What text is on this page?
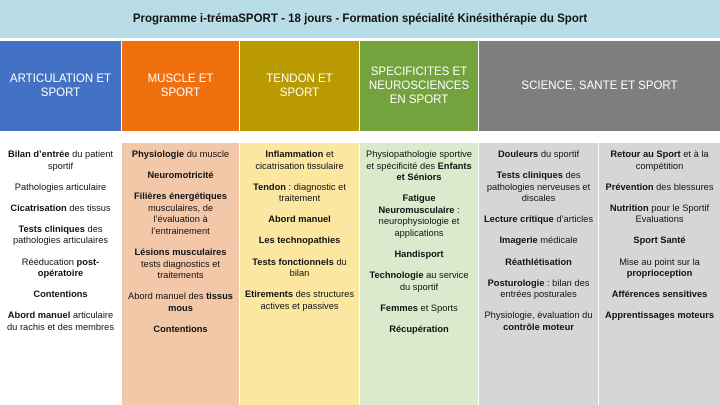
Programme i-trémaSPORT - 18 jours - Formation spécialité Kinésithérapie du Sport
ARTICULATION ET SPORT
MUSCLE ET SPORT
TENDON ET SPORT
SPECIFICITES ET NEUROSCIENCES EN SPORT
SCIENCE, SANTE ET SPORT
Bilan d’entrée du patient sportif
Pathologies articulaire
Cicatrisation des tissus
Tests cliniques des pathologies articulaires
Rééducation post-opératoire
Contentions
Abord manuel articulaire du rachis et des membres
Physiologie du muscle
Neuromotricité
Filières énergétiques musculaires, de l’évaluation à l’entrainement
Lésions musculaires tests diagnostics et traitements
Abord manuel des tissus mous
Contentions
Inflammation et cicatrisation tissulaire
Tendon : diagnostic et traitement
Abord manuel
Les technopathies
Tests fonctionnels du bilan
Etirements des structures actives et passives
Physiopathologie sportive et spécificité des Enfants et Séniors
Fatigue Neuromusculaire : neurophysiologie et applications
Handisport
Technologie au service du sportif
Femmes et Sports
Récupération
Douleurs du sportif
Tests cliniques des pathologies nerveuses et discales
Lecture critique d’articles
Imagerie médicale
Réathlétisation
Posturologie : bilan des entrées posturales
Physiologie, évaluation du contrôle moteur
Retour au Sport et à la compétition
Prévention des blessures
Nutrition pour le Sportif Evaluations
Sport Santé
Mise au point sur la proprioception
Afférences sensitives
Apprentissages moteurs
